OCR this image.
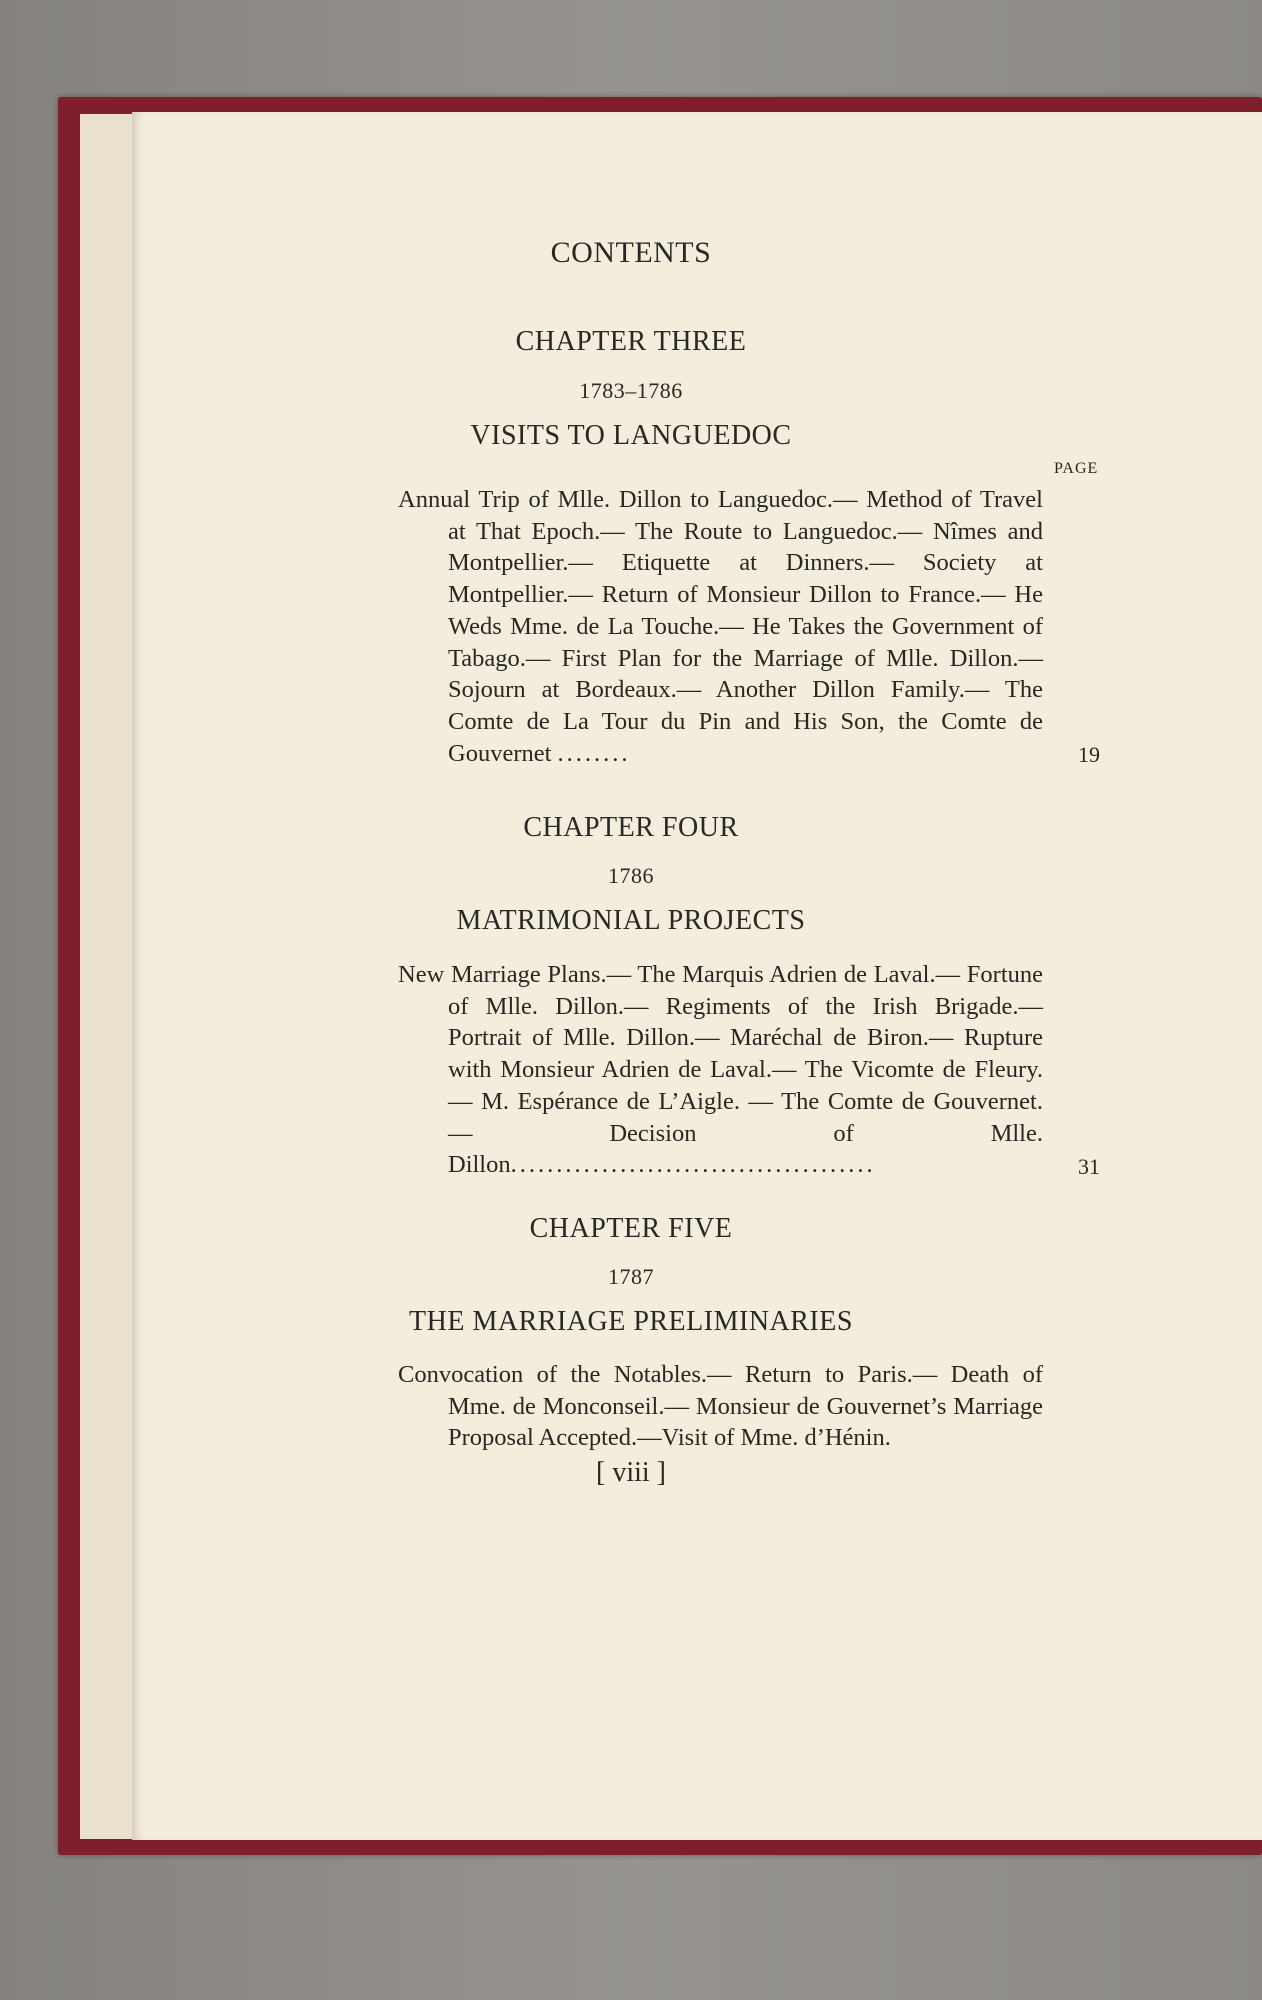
CONTENTS
CHAPTER THREE
1783–1786
VISITS TO LANGUEDOC
PAGE
Annual Trip of Mlle. Dillon to Languedoc.— Method of Travel at That Epoch.— The Route to Languedoc.— Nîmes and Montpellier.— Etiquette at Dinners.— Society at Montpellier.— Return of Monsieur Dillon to France.— He Weds Mme. de La Touche.— He Takes the Government of Tabago.— First Plan for the Marriage of Mlle. Dillon.— Sojourn at Bordeaux.— Another Dillon Family.— The Comte de La Tour du Pin and His Son, the Comte de Gouvernet ........	19
CHAPTER FOUR
1786
MATRIMONIAL PROJECTS
New Marriage Plans.— The Marquis Adrien de Laval.— Fortune of Mlle. Dillon.— Regiments of the Irish Brigade.— Portrait of Mlle. Dillon.— Maréchal de Biron.— Rupture with Monsieur Adrien de Laval.— The Vicomte de Fleury.— M. Espérance de L’Aigle. — The Comte de Gouvernet.— Decision of Mlle. Dillon........................................	31
CHAPTER FIVE
1787
THE MARRIAGE PRELIMINARIES
Convocation of the Notables.— Return to Paris.— Death of Mme. de Monconseil.— Monsieur de Gouvernet’s Marriage Proposal Accepted.—Visit of Mme. d’Hénin.
[ viii ]
